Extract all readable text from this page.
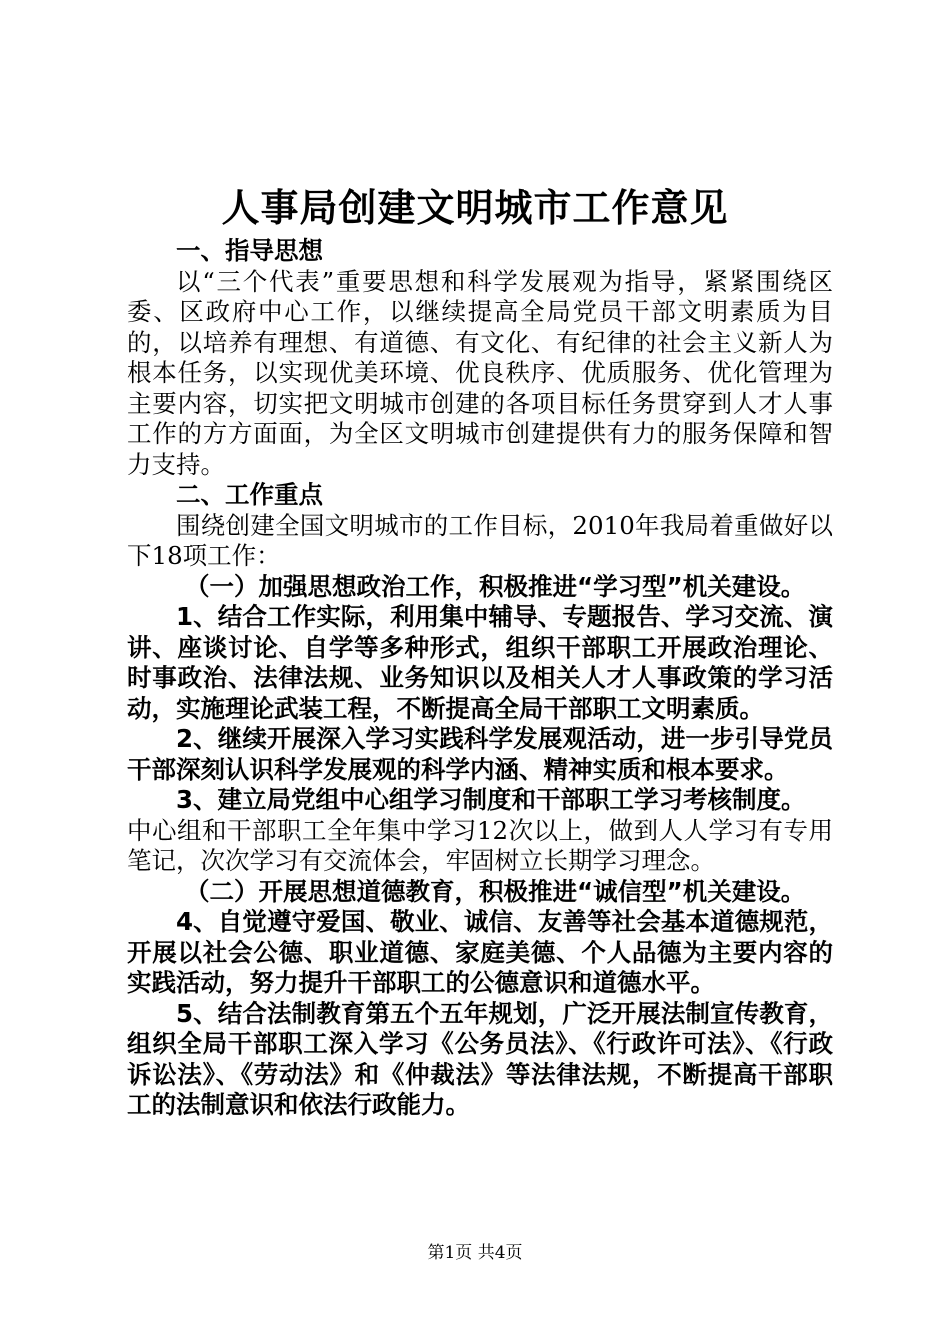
人事局创建文明城市工作意见

一、指导思想

以“三个代表”重要思想和科学发展观为指导，紧紧围绕区委、区政府中心工作，以继续提高全局党员干部文明素质为目的，以培养有理想、有道德、有文化、有纪律的社会主义新人为根本任务，以实现优美环境、优良秩序、优质服务、优化管理为主要内容，切实把文明城市创建的各项目标任务贯穿到人才人事工作的方方面面，为全区文明城市创建提供有力的服务保障和智力支持。

二、工作重点

围绕创建全国文明城市的工作目标，2010年我局着重做好以下18项工作：

（一）加强思想政治工作，积极推进“学习型”机关建设。

1、结合工作实际，利用集中辅导、专题报告、学习交流、演讲、座谈讨论、自学等多种形式，组织干部职工开展政治理论、时事政治、法律法规、业务知识以及相关人才人事政策的学习活动，实施理论武装工程，不断提高全局干部职工文明素质。

2、继续开展深入学习实践科学发展观活动，进一步引导党员干部深刻认识科学发展观的科学内涵、精神实质和根本要求。

3、建立局党组中心组学习制度和干部职工学习考核制度。

中心组和干部职工全年集中学习12次以上，做到人人学习有专用笔记，次次学习有交流体会，牢固树立长期学习理念。

（二）开展思想道德教育，积极推进“诚信型”机关建设。

4、自觉遵守爱国、敬业、诚信、友善等社会基本道德规范，开展以社会公德、职业道德、家庭美德、个人品德为主要内容的实践活动，努力提升干部职工的公德意识和道德水平。

5、结合法制教育第五个五年规划，广泛开展法制宣传教育，组织全局干部职工深入学习《公务员法》、《行政许可法》、《行政诉讼法》、《劳动法》和《仲裁法》等法律法规，不断提高干部职工的法制意识和依法行政能力。

第1页 共4页
